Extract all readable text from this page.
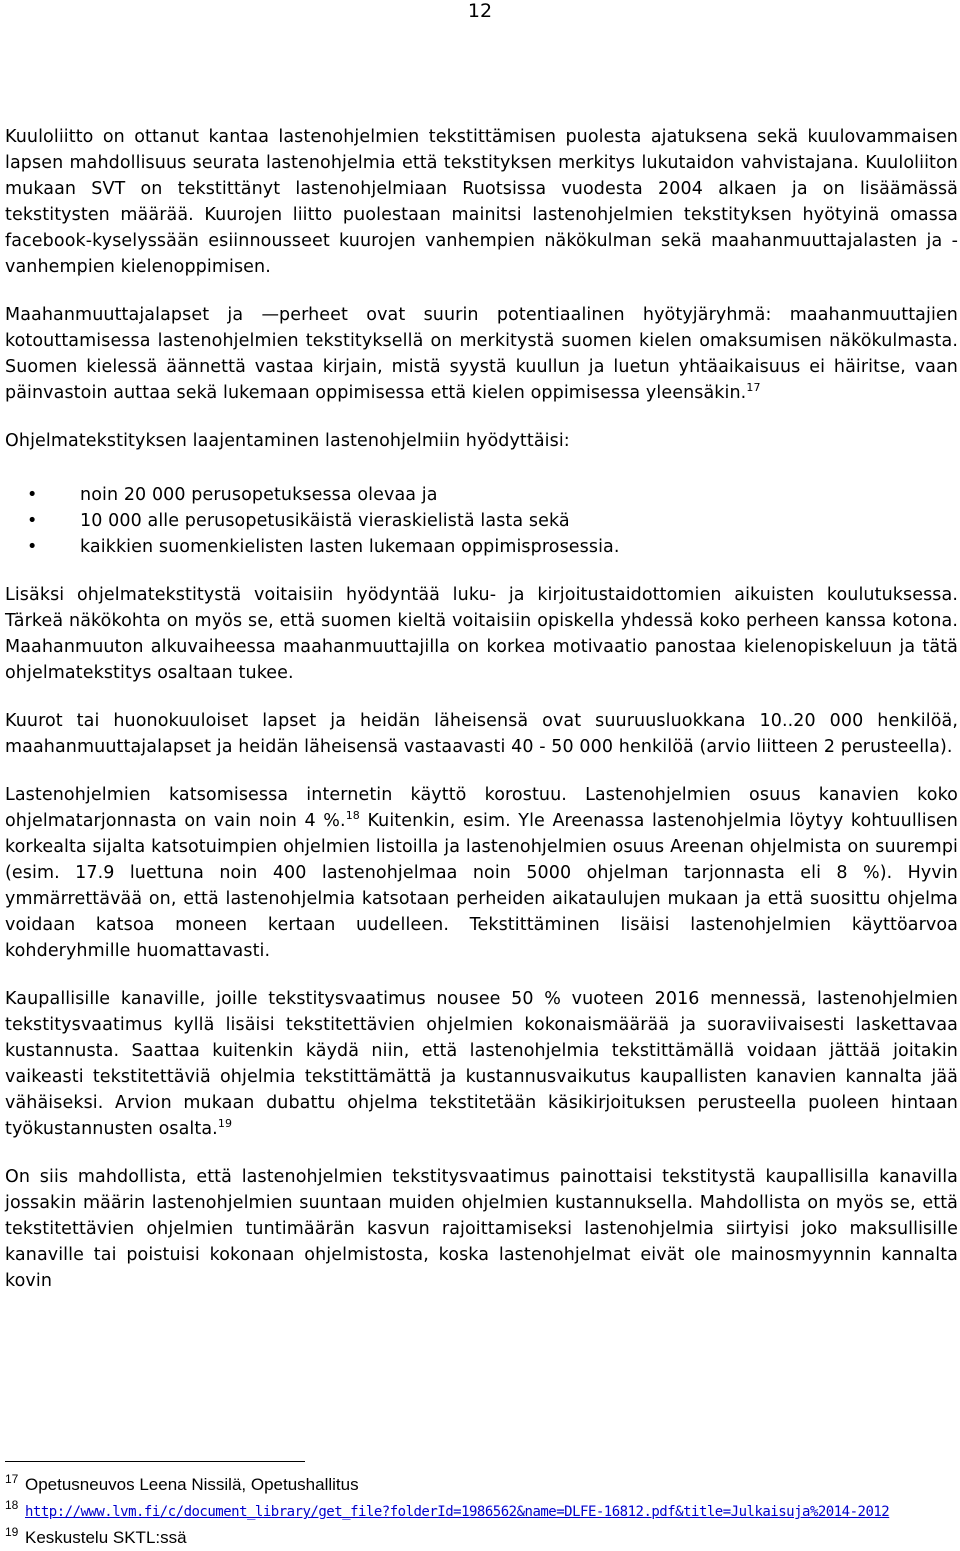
12

Kuuloliitto on ottanut kantaa lastenohjelmien tekstittämisen puolesta ajatuksena sekä kuulovammaisen lapsen mahdollisuus seurata lastenohjelmia että tekstityksen merkitys lukutaidon vahvistajana. Kuuloliiton mukaan SVT on tekstittänyt lastenohjelmiaan Ruotsissa vuodesta 2004 alkaen ja on lisäämässä tekstitysten määrää. Kuurojen liitto puolestaan mainitsi lastenohjelmien tekstityksen hyötyinä omassa facebook-kyselyssään esiinnousseet kuurojen vanhempien näkökulman sekä maahanmuuttajalasten ja - vanhempien kielenoppimisen.

Maahanmuuttajalapset ja —perheet ovat suurin potentiaalinen hyötyjäryhmä: maahanmuuttajien kotouttamisessa lastenohjelmien tekstityksellä on merkitystä suomen kielen omaksumisen näkökulmasta. Suomen kielessä äännettä vastaa kirjain, mistä syystä kuullun ja luetun yhtäaikaisuus ei häiritse, vaan päinvastoin auttaa sekä lukemaan oppimisessa että kielen oppimisessa yleensäkin.$^{17}$

Ohjelmatekstityksen laajentaminen lastenohjelmiin hyödyttäisi:

• noin 20 000 perusopetuksessa olevaa ja
• 10 000 alle perusopetusikäistä vieraskielistä lasta sekä
• kaikkien suomenkielisten lasten lukemaan oppimisprosessia.

Lisäksi ohjelmatekstitystä voitaisiin hyödyntää luku- ja kirjoitustaidottomien aikuisten koulutuksessa. Tärkeä näkökohta on myös se, että suomen kieltä voitaisiin opiskella yhdessä koko perheen kanssa kotona. Maahanmuuton alkuvaiheessa maahanmuuttajilla on korkea motivaatio panostaa kielenopiskeluun ja tätä ohjelmatekstitys osaltaan tukee.

Kuurot tai huonokuuloiset lapset ja heidän läheisensä ovat suuruusluokkana 10..20 000 henkilöä, maahanmuuttajalapset ja heidän läheisensä vastaavasti 40 - 50 000 henkilöä (arvio liitteen 2 perusteella).

Lastenohjelmien katsomisessa internetin käyttö korostuu. Lastenohjelmien osuus kanavien koko ohjelmatarjonnasta on vain noin 4 %.$^{18}$ Kuitenkin, esim. Yle Areenassa lastenohjelmia löytyy kohtuullisen korkealta sijalta katsotuimpien ohjelmien listoilla ja lastenohjelmien osuus Areenan ohjelmista on suurempi (esim. 17.9 luettuna noin 400 lastenohjelmaa noin 5000 ohjelman tarjonnasta eli 8 %). Hyvin ymmärrettävää on, että lastenohjelmia katsotaan perheiden aikataulujen mukaan ja että suosittu ohjelma voidaan katsoa moneen kertaan uudelleen. Tekstittäminen lisäisi lastenohjelmien käyttöarvoa kohderyhmille huomattavasti.

Kaupallisille kanaville, joille tekstitysvaatimus nousee 50 % vuoteen 2016 mennessä, lastenohjelmien tekstitysvaatimus kyllä lisäisi tekstitettävien ohjelmien kokonaismäärää ja suoraviivaisesti laskettavaa kustannusta. Saattaa kuitenkin käydä niin, että lastenohjelmia tekstittämällä voidaan jättää joitakin vaikeasti tekstitettäviä ohjelmia tekstittämättä ja kustannusvaikutus kaupallisten kanavien kannalta jää vähäiseksi. Arvion mukaan dubattu ohjelma tekstitetään käsikirjoituksen perusteella puoleen hintaan työkustannusten osalta.$^{19}$

On siis mahdollista, että lastenohjelmien tekstitysvaatimus painottaisi tekstitystä kaupallisilla kanavilla jossakin määrin lastenohjelmien suuntaan muiden ohjelmien kustannuksella. Mahdollista on myös se, että tekstitettävien ohjelmien tuntimäärän kasvun rajoittamiseksi lastenohjelmia siirtyisi joko maksullisille kanaville tai poistuisi kokonaan ohjelmistosta, koska lastenohjelmat eivät ole mainosmyynnin kannalta kovin

17 Opetusneuvos Leena Nissilä, Opetushallitus
18 http://www.lvm.fi/c/document_library/get_file?folderId=1986562&name=DLFE-16812.pdf&title=Julkaisuja%2014-2012
19 Keskustelu SKTL:ssä
